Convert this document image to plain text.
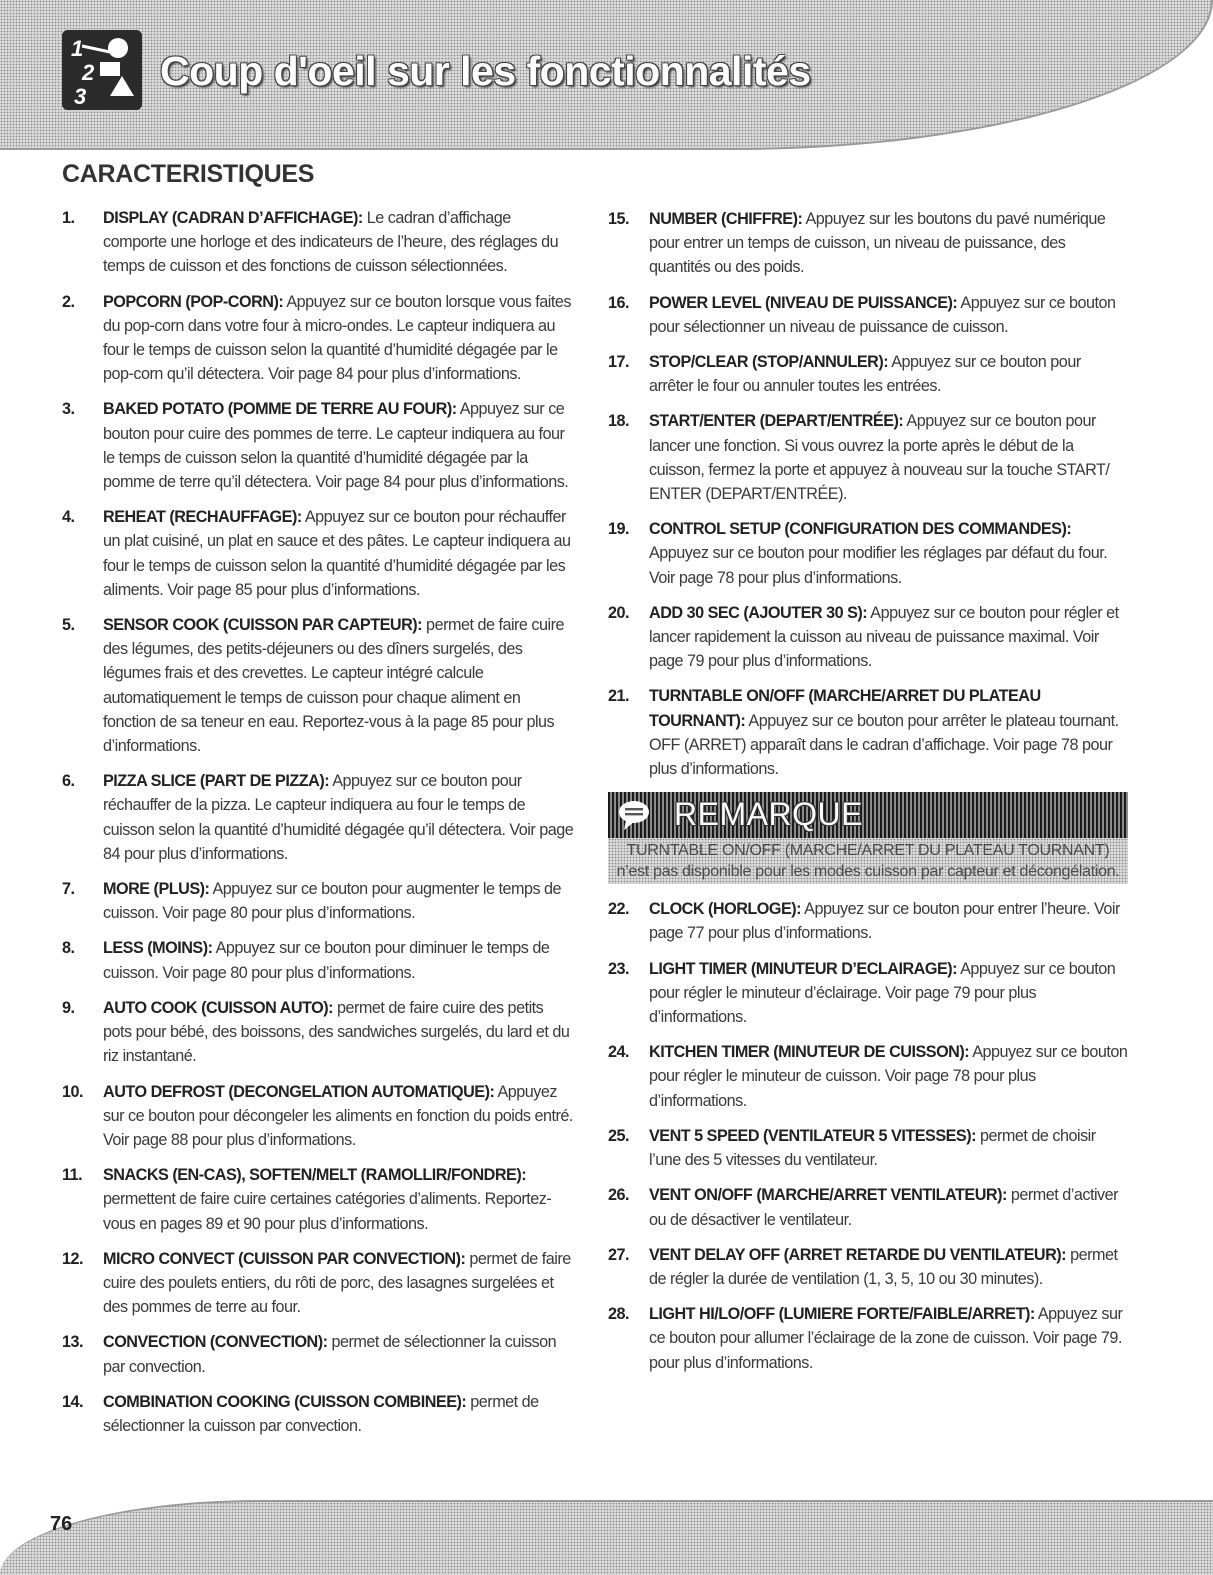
1
2
3
Coup d'oeil sur les fonctionnalités
CARACTERISTIQUES
1.	DISPLAY (CADRAN D’AFFICHAGE): Le cadran d’affichage comporte une horloge et des indicateurs de l’heure, des réglages du temps de cuisson et des fonctions de cuisson sélectionnées.
2.	POPCORN (POP-CORN): Appuyez sur ce bouton lorsque vous faites du pop-corn dans votre four à micro-ondes. Le capteur indiquera au four le temps de cuisson selon la quantité d’humidité dégagée par le pop-corn qu’il détectera. Voir page 84 pour plus d’informations.
3.	BAKED POTATO (POMME DE TERRE AU FOUR): Appuyez sur ce bouton pour cuire des pommes de terre. Le capteur indiquera au four le temps de cuisson selon la quantité d’humidité dégagée par la pomme de terre qu’il détectera. Voir page 84 pour plus d’informations.
4.	REHEAT (RECHAUFFAGE): Appuyez sur ce bouton pour réchauffer un plat cuisiné, un plat en sauce et des pâtes. Le capteur indiquera au four le temps de cuisson selon la quantité d’humidité dégagée par les aliments. Voir page 85 pour plus d’informations.
5.	SENSOR COOK (CUISSON PAR CAPTEUR): permet de faire cuire des légumes, des petits-déjeuners ou des dîners surgelés, des légumes frais et des crevettes. Le capteur intégré calcule automatiquement le temps de cuisson pour chaque aliment en fonction de sa teneur en eau. Reportez-vous à la page 85 pour plus d’informations.
6.	PIZZA SLICE (PART DE PIZZA): Appuyez sur ce bouton pour réchauffer de la pizza. Le capteur indiquera au four le temps de cuisson selon la quantité d’humidité dégagée qu’il détectera. Voir page 84 pour plus d’informations.
7.	MORE (PLUS): Appuyez sur ce bouton pour augmenter le temps de cuisson. Voir page 80 pour plus d’informations.
8.	LESS (MOINS): Appuyez sur ce bouton pour diminuer le temps de cuisson. Voir page 80 pour plus d’informations.
9.	AUTO COOK (CUISSON AUTO): permet de faire cuire des petits pots pour bébé, des boissons, des sandwiches surgelés, du lard et du riz instantané.
10.	AUTO DEFROST (DECONGELATION AUTOMATIQUE): Appuyez sur ce bouton pour décongeler les aliments en fonction du poids entré. Voir page 88 pour plus d’informations.
11.	SNACKS (EN-CAS), SOFTEN/MELT (RAMOLLIR/FONDRE): permettent de faire cuire certaines catégories d’aliments. Reportez-vous en pages 89 et 90 pour plus d’informations.
12.	MICRO CONVECT (CUISSON PAR CONVECTION): permet de faire cuire des poulets entiers, du rôti de porc, des lasagnes surgelées et des pommes de terre au four.
13.	CONVECTION (CONVECTION): permet de sélectionner la cuisson par convection.
14.	COMBINATION COOKING (CUISSON COMBINEE): permet de sélectionner la cuisson par convection.
15.	NUMBER (CHIFFRE): Appuyez sur les boutons du pavé numérique pour entrer un temps de cuisson, un niveau de puissance, des quantités ou des poids.
16.	POWER LEVEL (NIVEAU DE PUISSANCE): Appuyez sur ce bouton pour sélectionner un niveau de puissance de cuisson.
17.	STOP/CLEAR (STOP/ANNULER): Appuyez sur ce bouton pour arrêter le four ou annuler toutes les entrées.
18.	START/ENTER (DEPART/ENTRÉE): Appuyez sur ce bouton pour lancer une fonction. Si vous ouvrez la porte après le début de la cuisson, fermez la porte et appuyez à nouveau sur la touche START/ ENTER (DEPART/ENTRÉE).
19.	CONTROL SETUP (CONFIGURATION DES COMMANDES): Appuyez sur ce bouton pour modifier les réglages par défaut du four. Voir page 78 pour plus d’informations.
20.	ADD 30 SEC (AJOUTER 30 S): Appuyez sur ce bouton pour régler et lancer rapidement la cuisson au niveau de puissance maximal. Voir page 79 pour plus d’informations.
21.	TURNTABLE ON/OFF (MARCHE/ARRET DU PLATEAU TOURNANT): Appuyez sur ce bouton pour arrêter le plateau tournant. OFF (ARRET) apparaît dans le cadran d’affichage. Voir page 78 pour plus d’informations.
REMARQUE
TURNTABLE ON/OFF (MARCHE/ARRET DU PLATEAU TOURNANT)
n’est pas disponible pour les modes cuisson par capteur et décongélation.
22.	CLOCK (HORLOGE): Appuyez sur ce bouton pour entrer l’heure. Voir page 77 pour plus d’informations.
23.	LIGHT TIMER (MINUTEUR D’ECLAIRAGE): Appuyez sur ce bouton pour régler le minuteur d’éclairage. Voir page 79 pour plus d’informations.
24.	KITCHEN TIMER (MINUTEUR DE CUISSON): Appuyez sur ce bouton pour régler le minuteur de cuisson. Voir page 78 pour plus d’informations.
25.	VENT 5 SPEED (VENTILATEUR 5 VITESSES): permet de choisir l’une des 5 vitesses du ventilateur.
26.	VENT ON/OFF (MARCHE/ARRET VENTILATEUR): permet d’activer ou de désactiver le ventilateur.
27.	VENT DELAY OFF (ARRET RETARDE DU VENTILATEUR): permet de régler la durée de ventilation (1, 3, 5, 10 ou 30 minutes).
28.	LIGHT HI/LO/OFF (LUMIERE FORTE/FAIBLE/ARRET): Appuyez sur ce bouton pour allumer l’éclairage de la zone de cuisson. Voir page 79. pour plus d’informations.
76
